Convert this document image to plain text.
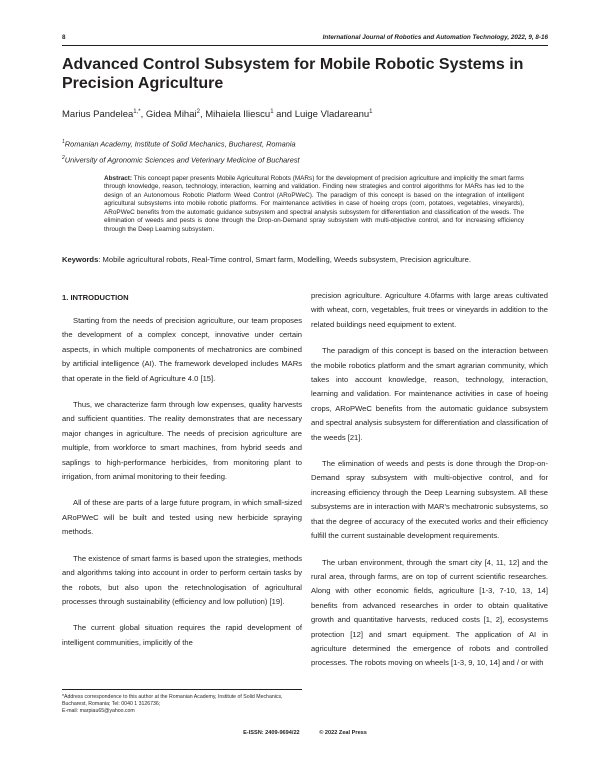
8	International Journal of Robotics and Automation Technology, 2022, 9, 8-16
Advanced Control Subsystem for Mobile Robotic Systems in Precision Agriculture
Marius Pandelea$^{1,*}$, Gidea Mihai$^2$, Mihaiela Iliescu$^1$ and Luige Vladareanu$^1$
$^1$Romanian Academy, Institute of Solid Mechanics, Bucharest, Romania
$^2$University of Agronomic Sciences and Veterinary Medicine of Bucharest
Abstract: This concept paper presents Mobile Agricultural Robots (MARs) for the development of precision agriculture and implicitly the smart farms through knowledge, reason, technology, interaction, learning and validation. Finding new strategies and control algorithms for MARs has led to the design of an Autonomous Robotic Platform Weed Control (ARoPWeC). The paradigm of this concept is based on the integration of intelligent agricultural subsystems into mobile robotic platforms. For maintenance activities in case of hoeing crops (corn, potatoes, vegetables, vineyards), ARoPWeC benefits from the automatic guidance subsystem and spectral analysis subsystem for differentiation and classification of the weeds. The elimination of weeds and pests is done through the Drop-on-Demand spray subsystem with multi-objective control, and for increasing efficiency through the Deep Learning subsystem.
Keywords: Mobile agricultural robots, Real-Time control, Smart farm, Modelling, Weeds subsystem, Precision agriculture.
1. INTRODUCTION

Starting from the needs of precision agriculture, our team proposes the development of a complex concept, innovative under certain aspects, in which multiple components of mechatronics are combined by artificial intelligence (AI). The framework developed includes MARs that operate in the field of Agriculture 4.0 [15].

Thus, we characterize farm through low expenses, quality harvests and sufficient quantities. The reality demonstrates that are necessary major changes in agriculture. The needs of precision agriculture are multiple, from workforce to smart machines, from hybrid seeds and saplings to high-performance herbicides, from monitoring plant to irrigation, from animal monitoring to their feeding.

All of these are parts of a large future program, in which small-sized ARoPWeC will be built and tested using new herbicide spraying methods.

The existence of smart farms is based upon the strategies, methods and algorithms taking into account in order to perform certain tasks by the robots, but also upon the retechnologisation of agricultural processes through sustainability (efficiency and low pollution) [19].

The current global situation requires the rapid development of intelligent communities, implicitly of the

precision agriculture. Agriculture 4.0farms with large areas cultivated with wheat, corn, vegetables, fruit trees or vineyards in addition to the related buildings need equipment to extent.

The paradigm of this concept is based on the interaction between the mobile robotics platform and the smart agrarian community, which takes into account knowledge, reason, technology, interaction, learning and validation. For maintenance activities in case of hoeing crops, ARoPWeC benefits from the automatic guidance subsystem and spectral analysis subsystem for differentiation and classification of the weeds [21].

The elimination of weeds and pests is done through the Drop-on-Demand spray subsystem with multi-objective control, and for increasing efficiency through the Deep Learning subsystem. All these subsystems are in interaction with MAR's mechatronic subsystems, so that the degree of accuracy of the executed works and their efficiency fulfill the current sustainable development requirements.

The urban environment, through the smart city [4, 11, 12] and the rural area, through farms, are on top of current scientific researches. Along with other economic fields, agriculture [1-3, 7-10, 13, 14] benefits from advanced researches in order to obtain qualitative growth and quantitative harvests, reduced costs [1, 2], ecosystems protection [12] and smart equipment. The application of AI in agriculture determined the emergence of robots and controlled processes. The robots moving on wheels [1-3, 9, 10, 14] and / or with

*Address correspondence to this author at the Romanian Academy, Institute of Solid Mechanics, Bucharest, Romania; Tel: 0040 1 3126736;
E-mail: marpiau65@yahoo.com
E-ISSN: 2409-9694/22	© 2022 Zeal Press
